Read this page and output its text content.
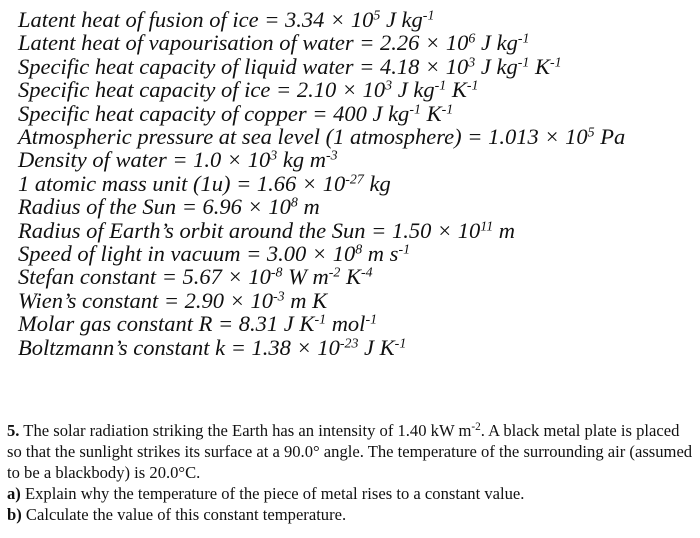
Latent heat of fusion of ice = $3.34 \times 10^5$ J $kg^{-1}$
Latent heat of vapourisation of water = $2.26 \times 10^6$ J $kg^{-1}$
Specific heat capacity of liquid water = $4.18 \times 10^3$ J $kg^{-1}$ $K^{-1}$
Specific heat capacity of ice = $2.10 \times 10^3$ J $kg^{-1}$ $K^{-1}$
Specific heat capacity of copper = 400 J $kg^{-1}$ $K^{-1}$
Atmospheric pressure at sea level (1 atmosphere) = $1.013 \times 10^5$ Pa
Density of water = $1.0 \times 10^3$ kg $m^{-3}$
1 atomic mass unit $(1u) = 1.66 \times 10^{-27}$ kg
Radius of the Sun = $6.96 \times 10^8$ m
Radius of Earth’s orbit around the Sun = $1.50 \times 10^{11}$ m
Speed of light in vacuum = $3.00 \times 10^8$ m $s^{-1}$
Stefan constant = $5.67 \times 10^{-8}$ W $m^{-2}$ $K^{-4}$
Wien’s constant = $2.90 \times 10^{-3}$ m K
Molar gas constant R = 8.31 J $K^{-1}$ mol$^{-1}$
Boltzmann’s constant $k = 1.38 \times 10^{-23}$ J $K^{-1}$

5. The solar radiation striking the Earth has an intensity of 1.40 kW $m^{-2}$. A black metal plate is placed so that the sunlight strikes its surface at a 90.0° angle. The temperature of the surrounding air (assumed to be a blackbody) is 20.0°C.

a) Explain why the temperature of the piece of metal rises to a constant value.

b) Calculate the value of this constant temperature.
